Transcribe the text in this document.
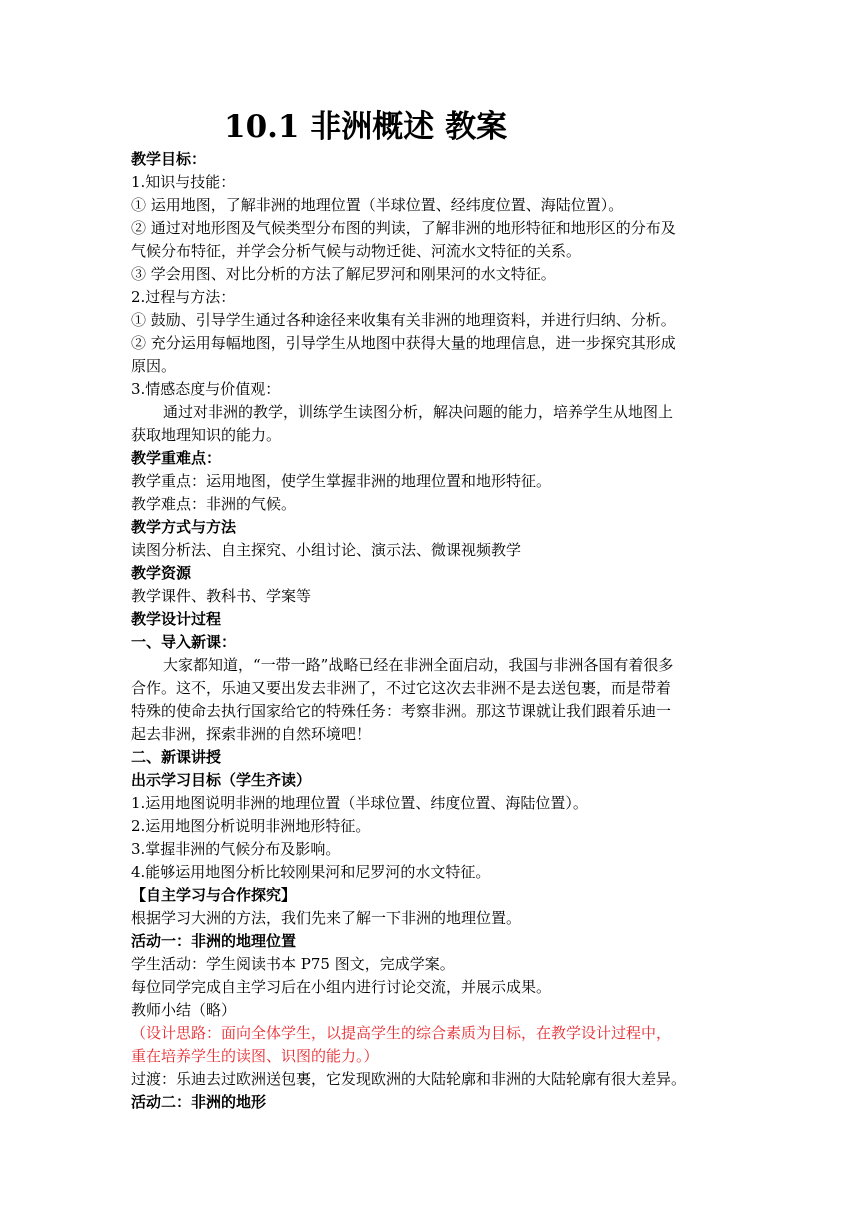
10.1 非洲概述 教案
教学目标：
1.知识与技能：
① 运用地图，了解非洲的地理位置（半球位置、经纬度位置、海陆位置）。
② 通过对地形图及气候类型分布图的判读，了解非洲的地形特征和地形区的分布及
气候分布特征，并学会分析气候与动物迁徙、河流水文特征的关系。
③ 学会用图、对比分析的方法了解尼罗河和刚果河的水文特征。
2.过程与方法：
① 鼓励、引导学生通过各种途径来收集有关非洲的地理资料，并进行归纳、分析。
② 充分运用每幅地图，引导学生从地图中获得大量的地理信息，进一步探究其形成
原因。
3.情感态度与价值观：
通过对非洲的教学，训练学生读图分析，解决问题的能力，培养学生从地图上
获取地理知识的能力。
教学重难点：
教学重点：运用地图，使学生掌握非洲的地理位置和地形特征。
教学难点：非洲的气候。
教学方式与方法
读图分析法、自主探究、小组讨论、演示法、微课视频教学
教学资源
教学课件、教科书、学案等
教学设计过程
一、导入新课：
大家都知道，“一带一路”战略已经在非洲全面启动，我国与非洲各国有着很多
合作。这不，乐迪又要出发去非洲了，不过它这次去非洲不是去送包裹，而是带着
特殊的使命去执行国家给它的特殊任务：考察非洲。那这节课就让我们跟着乐迪一
起去非洲，探索非洲的自然环境吧！
二、新课讲授
出示学习目标（学生齐读）
1.运用地图说明非洲的地理位置（半球位置、纬度位置、海陆位置）。
2.运用地图分析说明非洲地形特征。
3.掌握非洲的气候分布及影响。
4.能够运用地图分析比较刚果河和尼罗河的水文特征。
【自主学习与合作探究】
根据学习大洲的方法，我们先来了解一下非洲的地理位置。
活动一：非洲的地理位置
学生活动：学生阅读书本 P75 图文，完成学案。
每位同学完成自主学习后在小组内进行讨论交流，并展示成果。
教师小结（略）
（设计思路：面向全体学生，以提高学生的综合素质为目标，在教学设计过程中，
重在培养学生的读图、识图的能力。）
过渡：乐迪去过欧洲送包裹，它发现欧洲的大陆轮廓和非洲的大陆轮廓有很大差异。
活动二：非洲的地形
